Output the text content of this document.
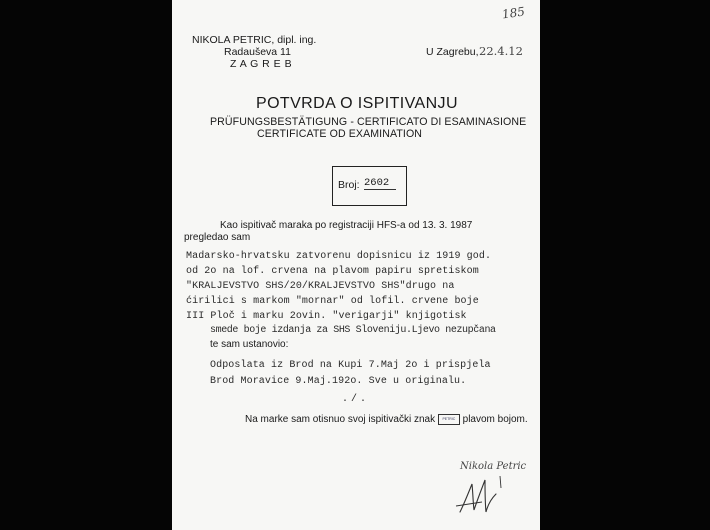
185
NIKOLA PETRIC, dipl. ing.
Radauševa 11
Z A G R E B
U Zagrebu, 22.4.12
POTVRDA O ISPITIVANJU
PRÜFUNGSBESTÄTIGUNG - CERTIFICATO DI ESAMINASIONE
CERTIFICATE OD EXAMINATION
Broj: 2602
Kao ispitivač maraka po registraciji HFS-a od 13. 3. 1987
pregledao sam
Madarsko-hrvatsku zatvorenu dopisnicu iz 1919 god.
od 2o na lof. crvena na plavom papiru spretiskom
"KRALJEVSTVO SHS/20/KRALJEVSTVO SHS"drugo na
ćirilici s markom "mornar" od lofil. crvene boje
III Ploč i marku 2ovin. "verigarji" knjigotisk
smede boje izdanja za SHS Sloveniju.Ljevo nezupčana
te sam ustanovio:
Odposlata iz Brod na Kupi 7.Maj 2o i prispjela
Brod Moravice 9.Maj.192o. Sve u originalu.
./.
Na marke sam otisnuo svoj ispitivački znak	PETRIC plavom bojom.
Nikola Petric
